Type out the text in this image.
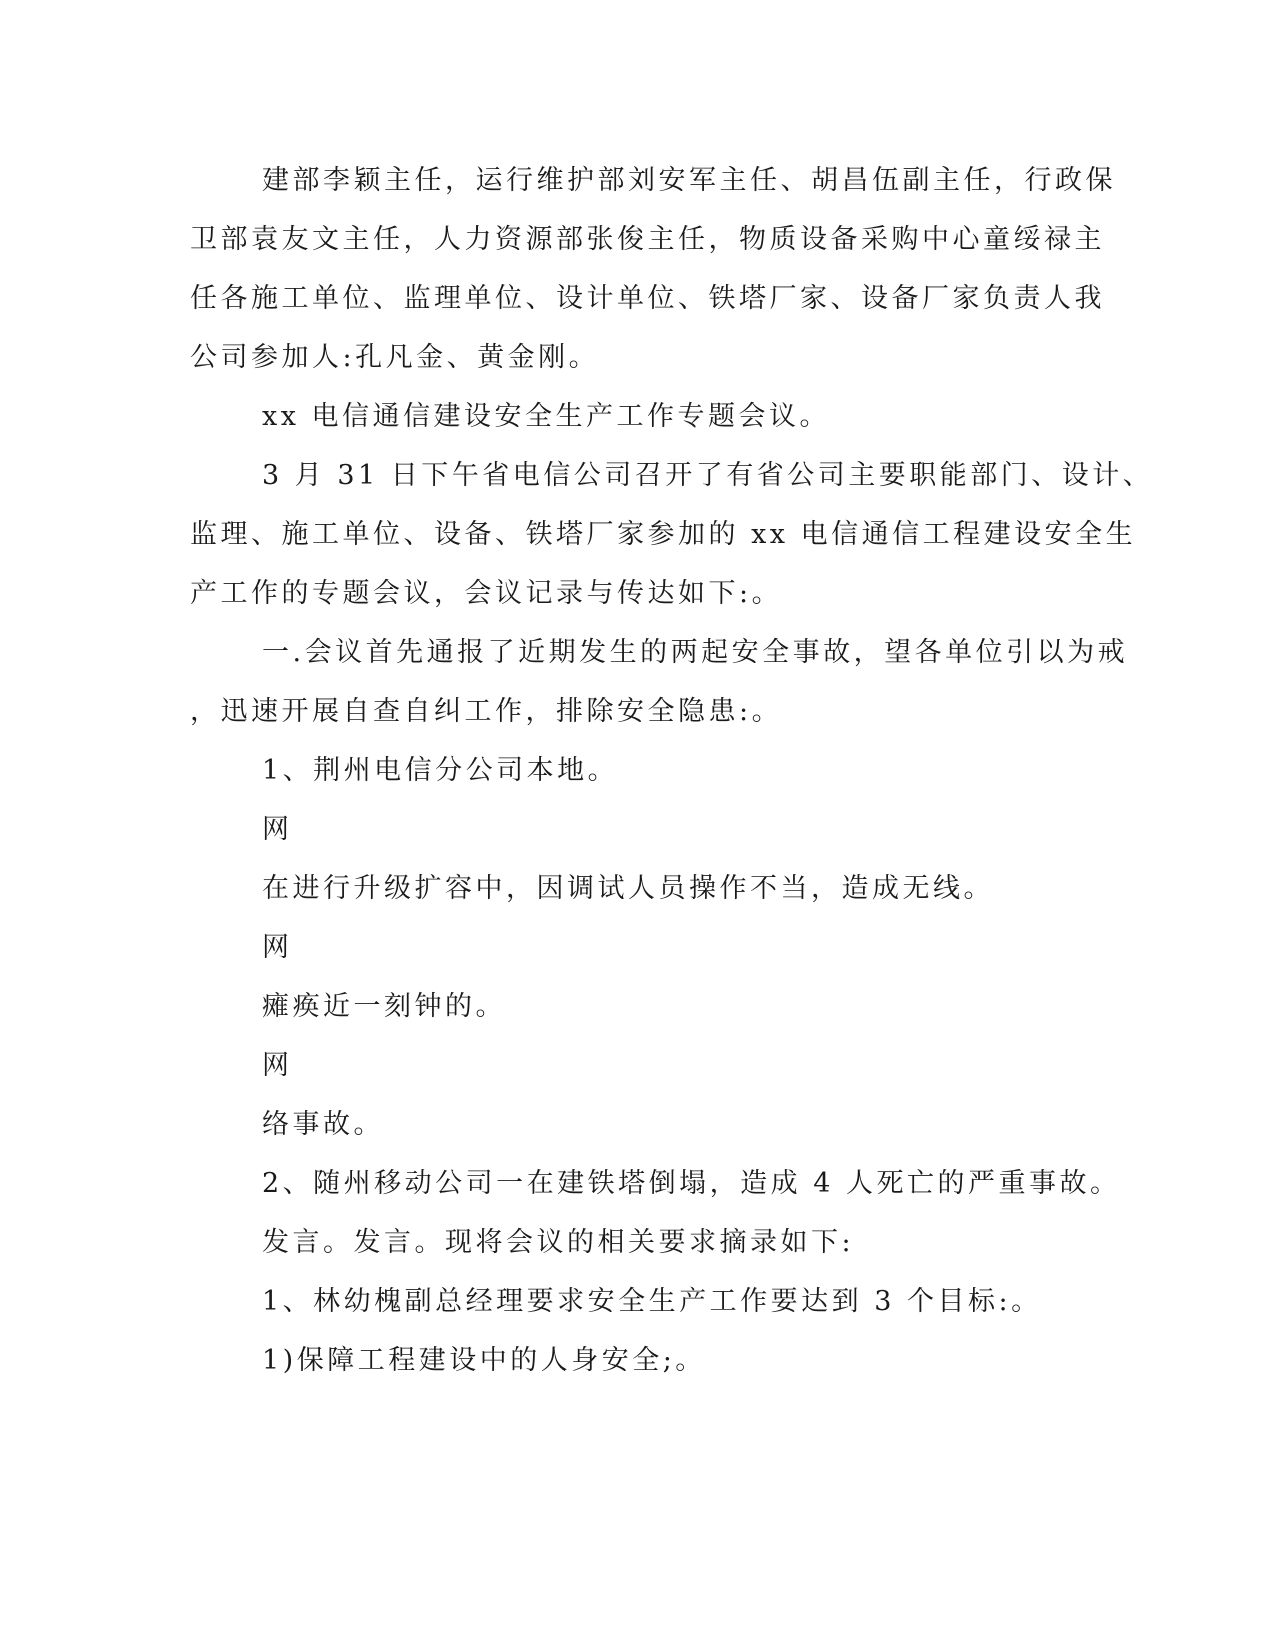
建部李颖主任，运行维护部刘安军主任、胡昌伍副主任，行政保
卫部袁友文主任，人力资源部张俊主任，物质设备采购中心童绥禄主
任各施工单位、监理单位、设计单位、铁塔厂家、设备厂家负责人我
公司参加人:孔凡金、黄金刚。
xx 电信通信建设安全生产工作专题会议。
3 月 31 日下午省电信公司召开了有省公司主要职能部门、设计、
监理、施工单位、设备、铁塔厂家参加的 xx 电信通信工程建设安全生
产工作的专题会议，会议记录与传达如下:。
一.会议首先通报了近期发生的两起安全事故，望各单位引以为戒
，迅速开展自查自纠工作，排除安全隐患:。
1、荆州电信分公司本地。
网
在进行升级扩容中，因调试人员操作不当，造成无线。
网
瘫痪近一刻钟的。
网
络事故。
2、随州移动公司一在建铁塔倒塌，造成 4 人死亡的严重事故。
发言。发言。现将会议的相关要求摘录如下:
1、林幼槐副总经理要求安全生产工作要达到 3 个目标:。
1)保障工程建设中的人身安全;。
